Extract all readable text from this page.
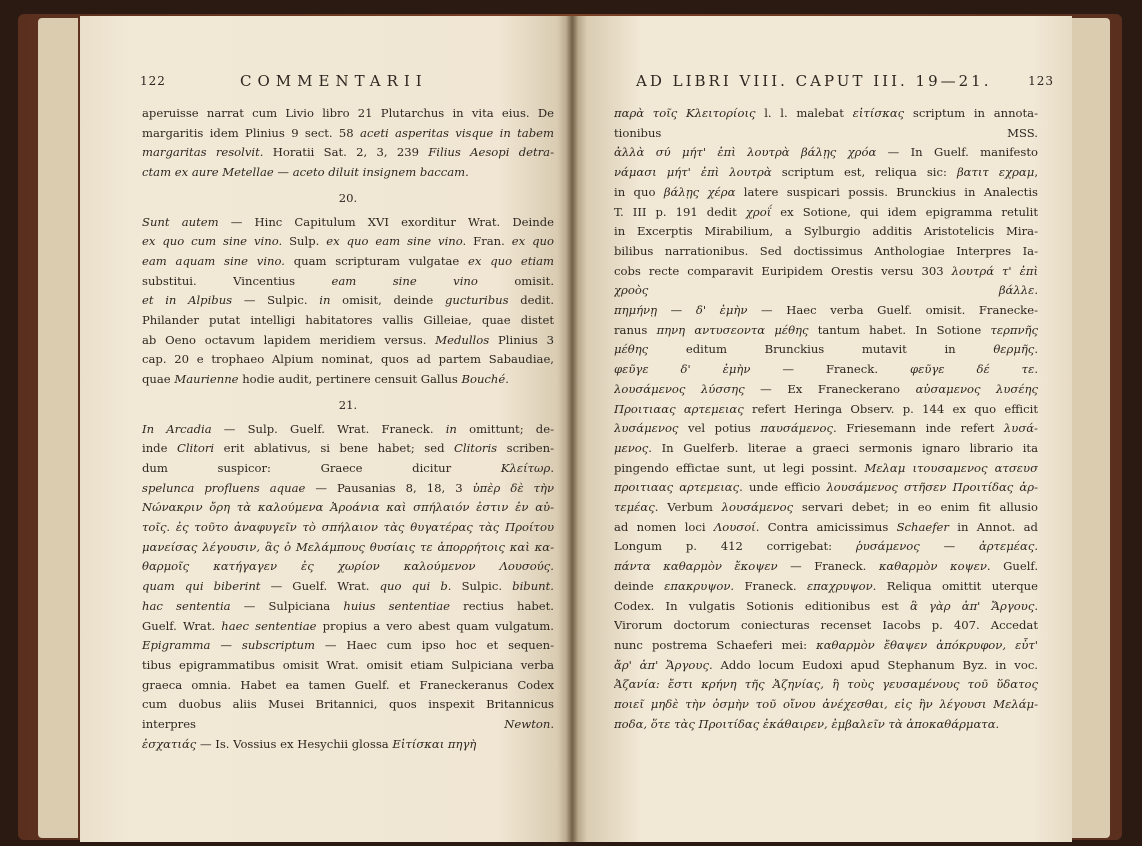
122	COMMENTARII
aperuisse narrat cum Livio libro 21 Plutarchus in vita eius. De
margaritis idem Plinius 9 sect. 58 aceti asperitas visque in tabem
margaritas resolvit. Horatii Sat. 2, 3, 239 Filius Aesopi detra-
ctam ex aure Metellae — aceto diluit insignem baccam.
20.
Sunt autem — Hinc Capitulum XVI exorditur Wrat. Deinde
ex quo cum sine vino. Sulp. ex quo eam sine vino. Fran. ex quo
eam aquam sine vino. quam scripturam vulgatae ex quo etiam
substitui. Vincentius eam sine vino omisit.
et in Alpibus — Sulpic. in omisit, deinde gucturibus dedit.
Philander putat intelligi habitatores vallis Gilleiae, quae distet
ab Oeno octavum lapidem meridiem versus. Medullos Plinius 3
cap. 20 e trophaeo Alpium nominat, quos ad partem Sabaudiae,
quae Maurienne hodie audit, pertinere censuit Gallus Bouché.
21.
In Arcadia — Sulp. Guelf. Wrat. Franeck. in omittunt; de-
inde Clitori erit ablativus, si bene habet; sed Clitoris scriben-
dum suspicor: Graece dicitur Κλείτωρ.
spelunca profluens aquae — Pausanias 8, 18, 3 ὑπὲρ δὲ τὴν
Νώνακριν ὄρη τὰ καλούμενα Ἀροάνια καὶ σπήλαιόν ἐστιν ἐν αὐ-
τοῖς. ἐς τοῦτο ἀναφυγεῖν τὸ σπήλαιον τὰς θυγατέρας τὰς Προίτου
μανείσας λέγουσιν, ἃς ὁ Μελάμπους θυσίαις τε ἀπορρήτοις καὶ κα-
θαρμοῖς κατήγαγεν ἐς χωρίον καλούμενον Λουσούς.
quam qui biberint — Guelf. Wrat. quo qui b. Sulpic. bibunt.
hac sententia — Sulpiciana huius sententiae rectius habet.
Guelf. Wrat. haec sententiae propius a vero abest quam vulgatum.
Epigramma — subscriptum — Haec cum ipso hoc et sequen-
tibus epigrammatibus omisit Wrat. omisit etiam Sulpiciana verba
graeca omnia. Habet ea tamen Guelf. et Franeckeranus Codex
cum duobus aliis Musei Britannici, quos inspexit Britannicus
interpres Newton.
ἐσχατιάς — Is. Vossius ex Hesychii glossa Εἰτίσκαι πηγὴ
AD LIBRI VIII. CAPUT III. 19—21.	123
παρὰ τοῖς Κλειτορίοις l. l. malebat εἰτίσκας scriptum in annota-
tionibus MSS.
ἀλλὰ σύ μήτ' ἐπὶ λουτρὰ βάλῃς χρόα — In Guelf. manifesto
νάμασι μήτ' ἐπὶ λουτρὰ scriptum est, reliqua sic: βατιτ εχραμ,
in quo βάλῃς χέρα latere suspicari possis. Brunckius in Analectis
T. III p. 191 dedit χροΐ ex Sotione, qui idem epigramma retulit
in Excerptis Mirabilium, a Sylburgio additis Aristotelicis Mira-
bilibus narrationibus. Sed doctissimus Anthologiae Interpres Ia-
cobs recte comparavit Euripidem Orestis versu 303 λουτρά τ' ἐπὶ
χροὸς βάλλε.
πημήνῃ — δ' ἐμὴν — Haec verba Guelf. omisit. Franecke-
ranus πηνη αντυσεοντα μέθης tantum habet. In Sotione τερπνῆς
μέθης editum Brunckius mutavit in θερμῆς.
φεῦγε δ' ἐμὴν — Franeck. φεῦγε δέ τε.
λουσάμενος λύσσης — Ex Franeckerano αὐσαμενος λυσέης
Προιτιαας αρτεμειας refert Heringa Observ. p. 144 ex quo efficit
λυσάμενος vel potius παυσάμενος. Friesemann inde refert λυσά-
μενος. In Guelferb. literae a graeci sermonis ignaro librario ita
pingendo effictae sunt, ut legi possint. Μελαμ ιτουσαμενος ατσευσ
προιτιαας αρτεμειας. unde efficio λουσάμενος στῆσεν Προιτίδας ἀρ-
τεμέας. Verbum λουσάμενος servari debet; in eo enim fit allusio
ad nomen loci Λουσοί. Contra amicissimus Schaefer in Annot. ad
Longum p. 412 corrigebat: ῥυσάμενος — ἀρτεμέας.
πάντα καθαρμὸν ἔκοψεν — Franeck. καθαρμὸν κοψεν. Guelf.
deinde επακρυψον. Franeck. επαχρυψον. Reliqua omittit uterque
Codex. In vulgatis Sotionis editionibus est ἃ γὰρ ἀπ' Ἄργους.
Virorum doctorum coniecturas recenset Iacobs p. 407. Accedat
nunc postrema Schaeferi mei: καθαρμὸν ἔθαψεν ἀπόκρυφον, εὖτ'
ἄρ' ἀπ' Ἄργους. Addo locum Eudoxi apud Stephanum Byz. in voc.
Ἀζανία: ἔστι κρήνη τῆς Ἀζηνίας, ἣ τοὺς γευσαμένους τοῦ ὕδατος
ποιεῖ μηδὲ τὴν ὀσμὴν τοῦ οἴνου ἀνέχεσθαι, εἰς ἣν λέγουσι Μελάμ-
ποδα, ὅτε τὰς Προιτίδας ἐκάθαιρεν, ἐμβαλεῖν τὰ ἀποκαθάρματα.
